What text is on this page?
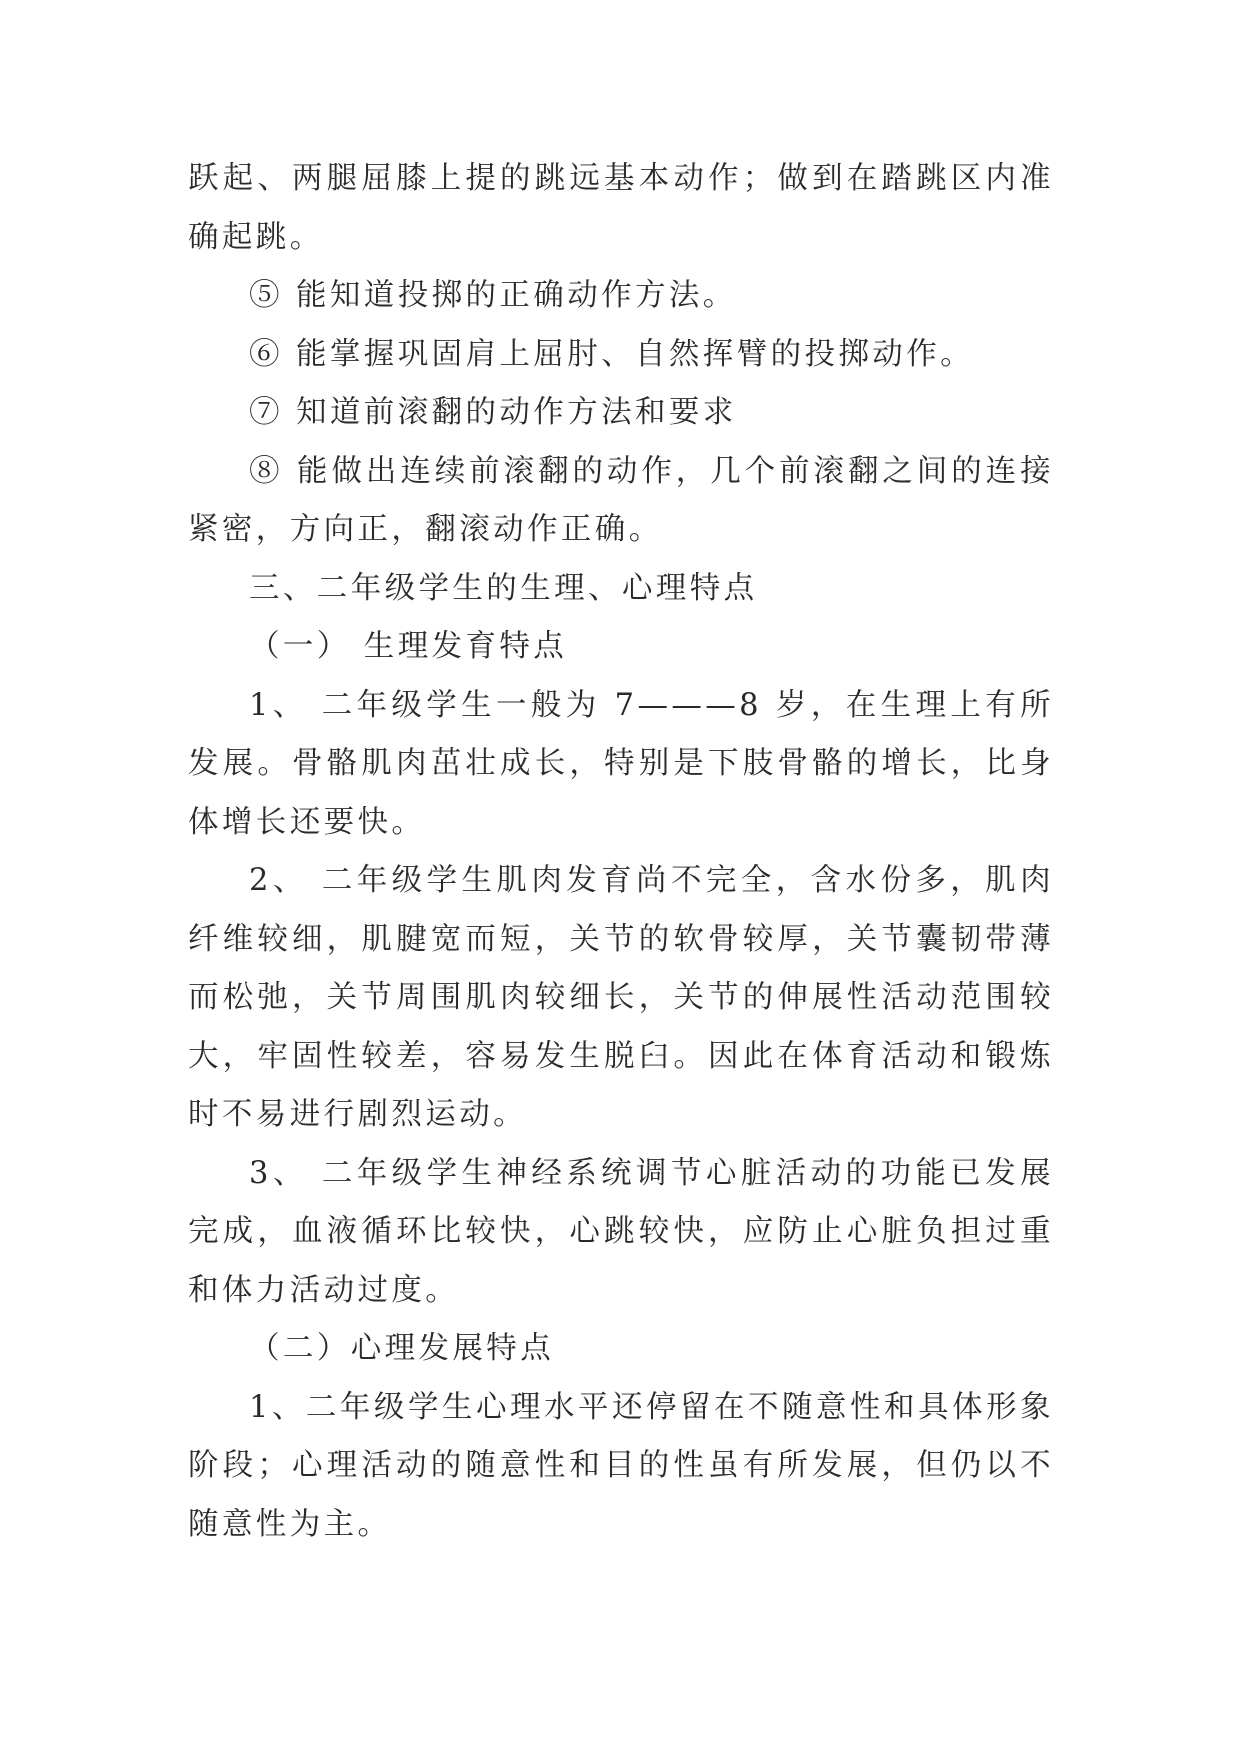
跃起、两腿屈膝上提的跳远基本动作；做到在踏跳区内准确起跳。

⑤ 能知道投掷的正确动作方法。

⑥ 能掌握巩固肩上屈肘、自然挥臂的投掷动作。

⑦ 知道前滚翻的动作方法和要求

⑧ 能做出连续前滚翻的动作，几个前滚翻之间的连接紧密，方向正，翻滚动作正确。

三、二年级学生的生理、心理特点

（一） 生理发育特点

1、 二年级学生一般为 7———8 岁，在生理上有所发展。骨骼肌肉茁壮成长，特别是下肢骨骼的增长，比身体增长还要快。

2、 二年级学生肌肉发育尚不完全，含水份多，肌肉纤维较细，肌腱宽而短，关节的软骨较厚，关节囊韧带薄而松弛，关节周围肌肉较细长，关节的伸展性活动范围较大，牢固性较差，容易发生脱臼。因此在体育活动和锻炼时不易进行剧烈运动。

3、 二年级学生神经系统调节心脏活动的功能已发展完成，血液循环比较快，心跳较快，应防止心脏负担过重和体力活动过度。

（二）心理发展特点

1、二年级学生心理水平还停留在不随意性和具体形象阶段；心理活动的随意性和目的性虽有所发展，但仍以不随意性为主。
